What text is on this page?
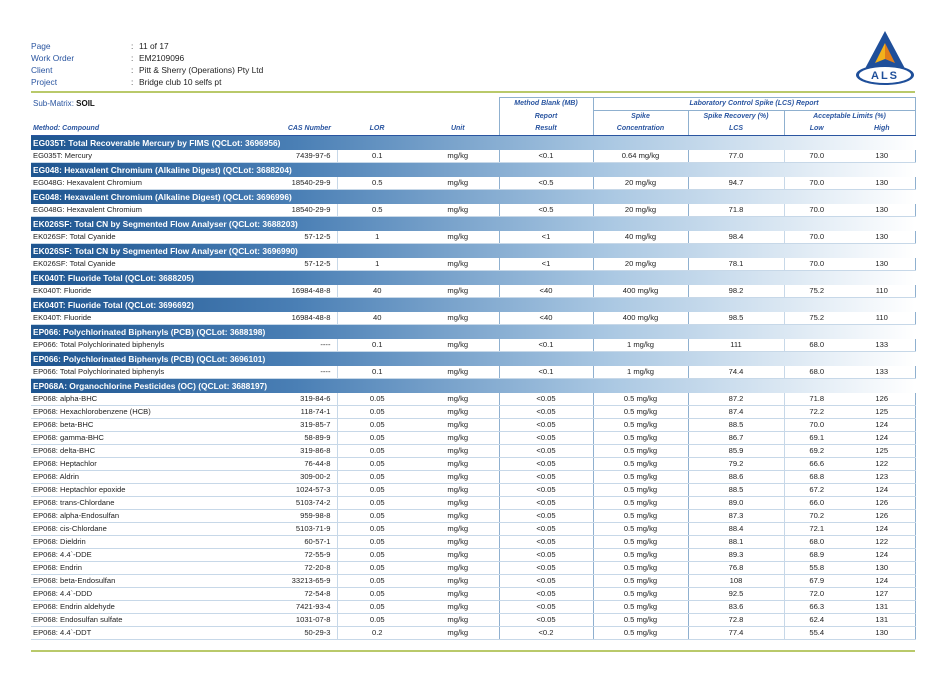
Page	: 11 of 17
Work Order	: EM2109096
Client	: Pitt & Sherry (Operations) Pty Ltd
Project	: Bridge club 10 selfs pt	ALS
Sub-Matrix: SOIL				Method Blank (MB)	Laboratory Control Spike (LCS) Report			
				Report	Spike	Spike Recovery (%)	Acceptable Limits (%)	
Method: Compound	CAS Number	LOR	Unit	Result	Concentration	LCS	Low	High
EG035T: Total Recoverable Mercury by FIMS (QCLot: 3696956)								
EG035T: Mercury	7439-97-6	0.1	mg/kg	<0.1	0.64 mg/kg	77.0	70.0	130
EG048: Hexavalent Chromium (Alkaline Digest) (QCLot: 3688204)								
EG048G: Hexavalent Chromium	18540-29-9	0.5	mg/kg	<0.5	20 mg/kg	94.7	70.0	130
EG048: Hexavalent Chromium (Alkaline Digest) (QCLot: 3696996)								
EG048G: Hexavalent Chromium	18540-29-9	0.5	mg/kg	<0.5	20 mg/kg	71.8	70.0	130
EK026SF: Total CN by Segmented Flow Analyser (QCLot: 3688203)								
EK026SF: Total Cyanide	57-12-5	1	mg/kg	<1	40 mg/kg	98.4	70.0	130
EK026SF: Total CN by Segmented Flow Analyser (QCLot: 3696990)								
EK026SF: Total Cyanide	57-12-5	1	mg/kg	<1	20 mg/kg	78.1	70.0	130
EK040T: Fluoride Total (QCLot: 3688205)								
EK040T: Fluoride	16984-48-8	40	mg/kg	<40	400 mg/kg	98.2	75.2	110
EK040T: Fluoride Total (QCLot: 3696692)								
EK040T: Fluoride	16984-48-8	40	mg/kg	<40	400 mg/kg	98.5	75.2	110
EP066: Polychlorinated Biphenyls (PCB) (QCLot: 3688198)								
EP066: Total Polychlorinated biphenyls	----	0.1	mg/kg	<0.1	1 mg/kg	111	68.0	133
EP066: Polychlorinated Biphenyls (PCB) (QCLot: 3696101)								
EP066: Total Polychlorinated biphenyls	----	0.1	mg/kg	<0.1	1 mg/kg	74.4	68.0	133
EP068A: Organochlorine Pesticides (OC) (QCLot: 3688197)								
EP068: alpha-BHC	319-84-6	0.05	mg/kg	<0.05	0.5 mg/kg	87.2	71.8	126
EP068: Hexachlorobenzene (HCB)	118-74-1	0.05	mg/kg	<0.05	0.5 mg/kg	87.4	72.2	125
EP068: beta-BHC	319-85-7	0.05	mg/kg	<0.05	0.5 mg/kg	88.5	70.0	124
EP068: gamma-BHC	58-89-9	0.05	mg/kg	<0.05	0.5 mg/kg	86.7	69.1	124
EP068: delta-BHC	319-86-8	0.05	mg/kg	<0.05	0.5 mg/kg	85.9	69.2	125
EP068: Heptachlor	76-44-8	0.05	mg/kg	<0.05	0.5 mg/kg	79.2	66.6	122
EP068: Aldrin	309-00-2	0.05	mg/kg	<0.05	0.5 mg/kg	88.6	68.8	123
EP068: Heptachlor epoxide	1024-57-3	0.05	mg/kg	<0.05	0.5 mg/kg	88.5	67.2	124
EP068: trans-Chlordane	5103-74-2	0.05	mg/kg	<0.05	0.5 mg/kg	89.0	66.0	126
EP068: alpha-Endosulfan	959-98-8	0.05	mg/kg	<0.05	0.5 mg/kg	87.3	70.2	126
EP068: cis-Chlordane	5103-71-9	0.05	mg/kg	<0.05	0.5 mg/kg	88.4	72.1	124
EP068: Dieldrin	60-57-1	0.05	mg/kg	<0.05	0.5 mg/kg	88.1	68.0	122
EP068: 4.4`-DDE	72-55-9	0.05	mg/kg	<0.05	0.5 mg/kg	89.3	68.9	124
EP068: Endrin	72-20-8	0.05	mg/kg	<0.05	0.5 mg/kg	76.8	55.8	130
EP068: beta-Endosulfan	33213-65-9	0.05	mg/kg	<0.05	0.5 mg/kg	108	67.9	124
EP068: 4.4`-DDD	72-54-8	0.05	mg/kg	<0.05	0.5 mg/kg	92.5	72.0	127
EP068: Endrin aldehyde	7421-93-4	0.05	mg/kg	<0.05	0.5 mg/kg	83.6	66.3	131
EP068: Endosulfan sulfate	1031-07-8	0.05	mg/kg	<0.05	0.5 mg/kg	72.8	62.4	131
EP068: 4.4`-DDT	50-29-3	0.2	mg/kg	<0.2	0.5 mg/kg	77.4	55.4	130
